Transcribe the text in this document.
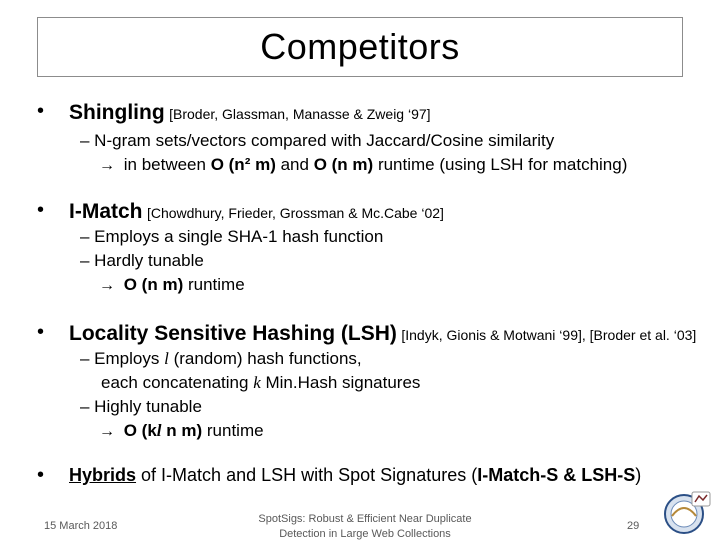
Competitors
• Shingling [Broder, Glassman, Manasse & Zweig ‘97]
– N-gram sets/vectors compared with Jaccard/Cosine similarity
→ in between O (n² m) and O (n m) runtime (using LSH for matching)
• I-Match [Chowdhury, Frieder, Grossman & Mc.Cabe ‘02]
– Employs a single SHA-1 hash function
– Hardly tunable
→ O (n m) runtime
• Locality Sensitive Hashing (LSH) [Indyk, Gionis & Motwani ‘99], [Broder et al. ‘03]
– Employs l (random) hash functions,
each concatenating k Min.Hash signatures
– Highly tunable
→ O (kl n m) runtime
• Hybrids of I-Match and LSH with Spot Signatures (I-Match-S & LSH-S)
15 March 2018
SpotSigs: Robust & Efficient Near Duplicate
Detection in Large Web Collections
29
